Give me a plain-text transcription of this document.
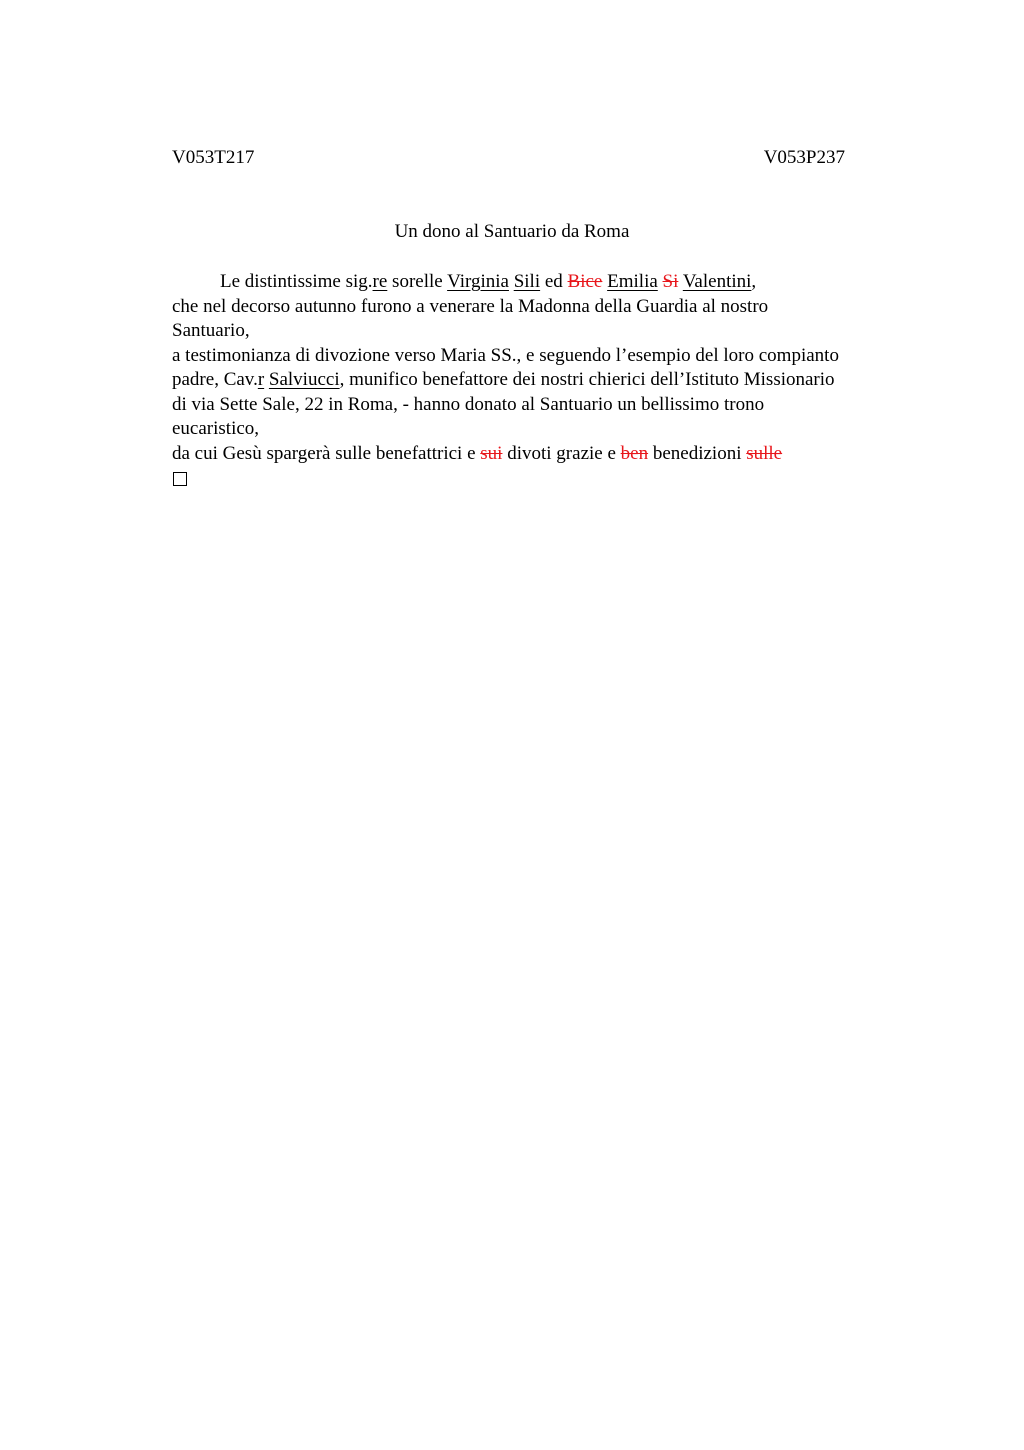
V053T217	V053P237
Un dono al Santuario da Roma
Le distintissime sig.re sorelle Virginia Sili ed Bice Emilia Si Valentini,
che nel decorso autunno furono a venerare la Madonna della Guardia al nostro
Santuario,
a testimonianza di divozione verso Maria SS., e seguendo l’esempio del loro compianto
padre, Cav.r Salviucci, munifico benefattore dei nostri chierici dell’Istituto Missionario
di via Sette Sale, 22 in Roma, - hanno donato al Santuario un bellissimo trono
eucaristico,
da cui Gesù spargerà sulle benefattrici e sui divoti grazie e ben benedizioni sulle
